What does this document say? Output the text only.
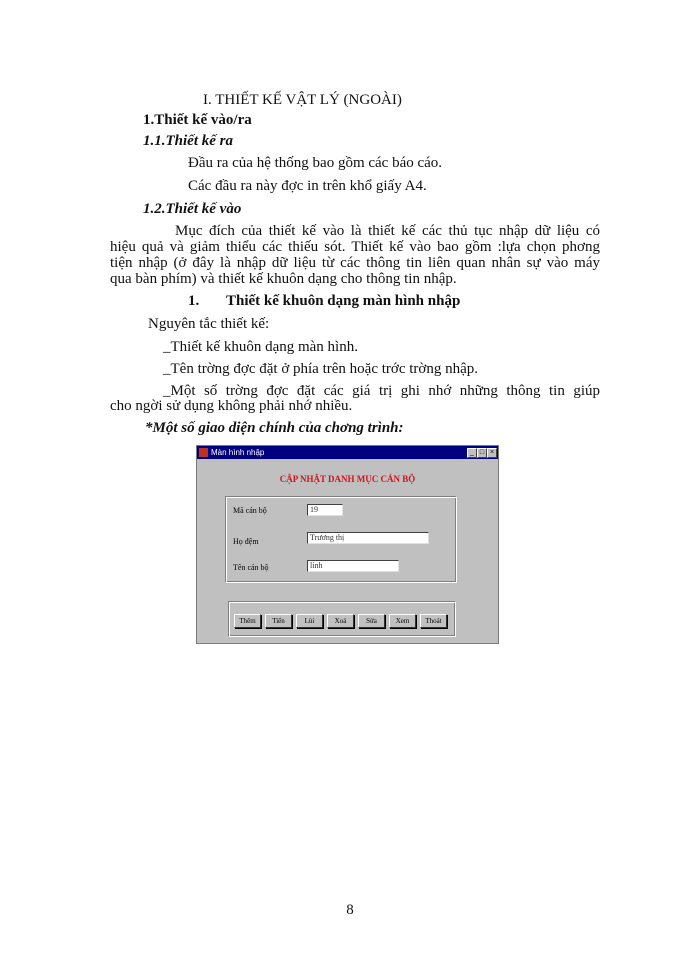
I. THIẾT KẾ VẬT LÝ (NGOÀI)
1.Thiết kế vào/ra
1.1.Thiết kế ra
Đầu ra của hệ thống bao gồm các báo cáo.
Các đầu ra này đợc in trên khổ giấy A4.
1.2.Thiết kế vào
Mục đích của thiết kế vào là thiết kế các thủ tục nhập dữ liệu có
hiệu quả và giảm thiểu các thiếu sót. Thiết kế vào bao gồm :lựa chọn phơng
tiện nhập (ở đây là nhập dữ liệu từ các thông tin liên quan nhân sự vào máy
qua bàn phím) và thiết kế khuôn dạng cho thông tin nhập.
1. Thiết kế khuôn dạng màn hình nhập
Nguyên tắc thiết kế:
_Thiết kế khuôn dạng màn hình.
_Tên trờng đợc đặt ở phía trên hoặc trớc trờng nhập.
_Một số trờng đợc đặt các giá trị ghi nhớ những thông tin giúp
cho ngời sử dụng không phải nhớ nhiều.
*Một số giao diện chính của chơng trình:
Màn hình nhập	_ □ ×
CẬP NHẬT DANH MỤC CÁN BỘ
Mã cán bộ	19
Họ đệm	Trương thị
Tên cán bộ	lính
Thêm	Tiến	Lùi	Xoá	Sửa	Xem	Thoát
8
